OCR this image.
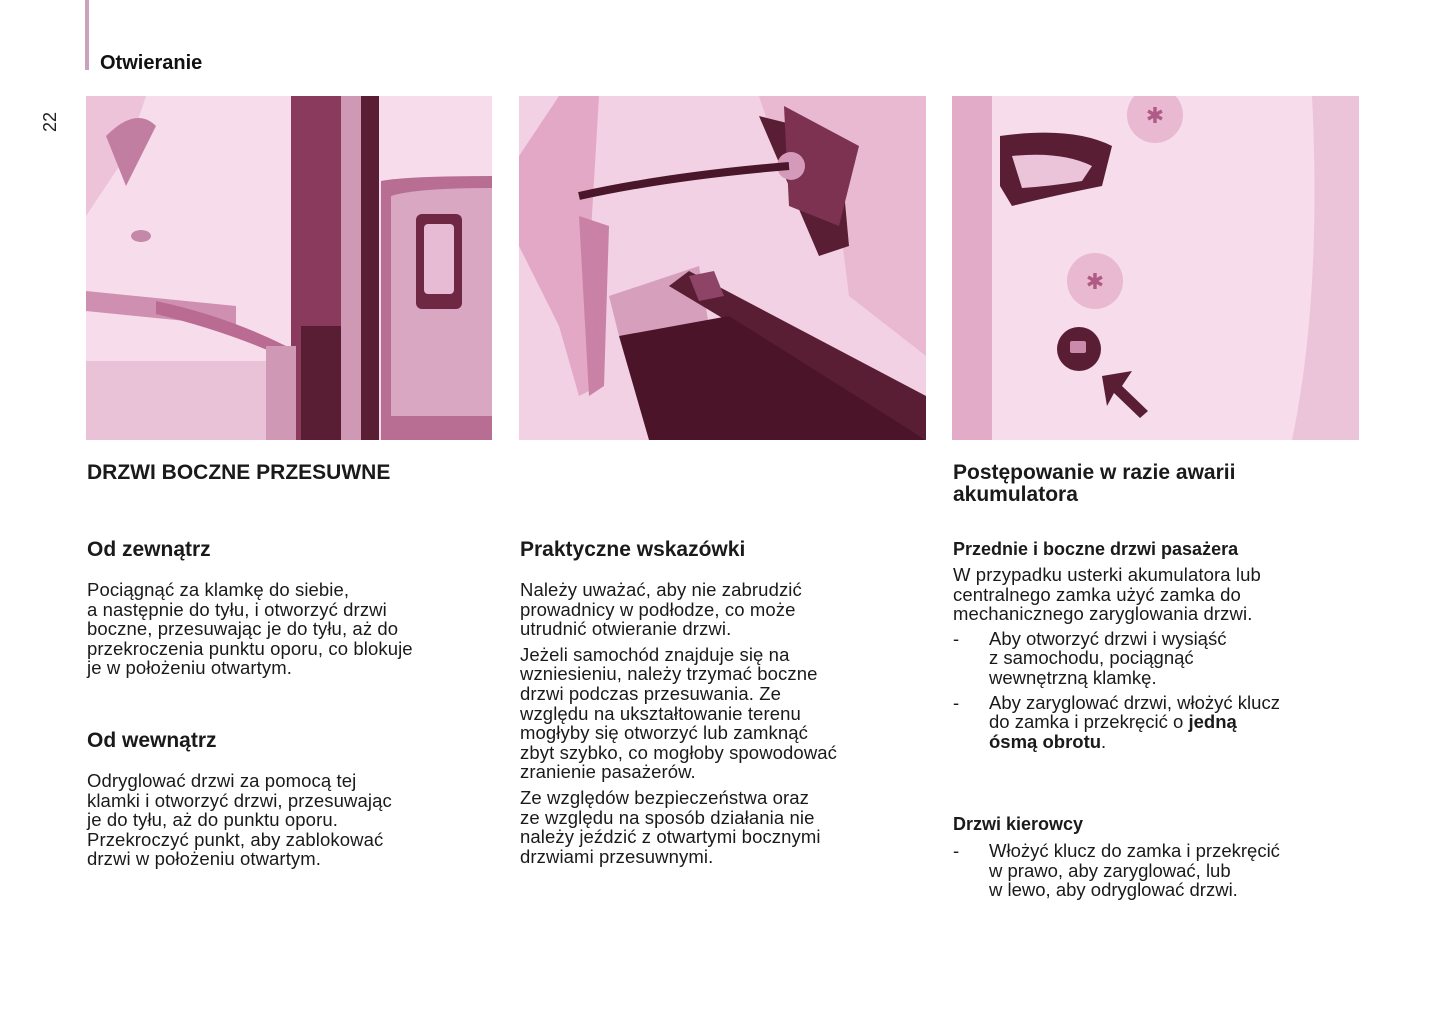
Otwieranie
22	✱
✱
DRZWI BOCZNE PRZESUWNE
Od zewnątrz

Pociągnąć za klamkę do siebie,

a następnie do tyłu, i otworzyć drzwi

boczne, przesuwając je do tyłu, aż do

przekroczenia punktu oporu, co blokuje

je w położeniu otwartym.

Od wewnątrz

Odryglować drzwi za pomocą tej

klamki i otworzyć drzwi, przesuwając

je do tyłu, aż do punktu oporu.

Przekroczyć punkt, aby zablokować

drzwi w położeniu otwartym.

Praktyczne wskazówki

Należy uważać, aby nie zabrudzić

prowadnicy w podłodze, co może

utrudnić otwieranie drzwi.

Jeżeli samochód znajduje się na

wzniesieniu, należy trzymać boczne

drzwi podczas przesuwania. Ze

względu na ukształtowanie terenu

mogłyby się otworzyć lub zamknąć

zbyt szybko, co mogłoby spowodować

zranienie pasażerów.

Ze względów bezpieczeństwa oraz

ze względu na sposób działania nie

należy jeździć z otwartymi bocznymi

drzwiami przesuwnymi.

Postępowanie w razie awarii
akumulatora
Przednie i boczne drzwi pasażera

W przypadku usterki akumulatora lub

centralnego zamka użyć zamka do

mechanicznego zaryglowania drzwi.

-	Aby otworzyć drzwi i wysiąść
z samochodu, pociągnąć
wewnętrzną klamkę.
-	Aby zaryglować drzwi, włożyć klucz
do zamka i przekręcić o jedną
ósmą obrotu.
Drzwi kierowcy
-	Włożyć klucz do zamka i przekręcić
w prawo, aby zaryglować, lub
w lewo, aby odryglować drzwi.
